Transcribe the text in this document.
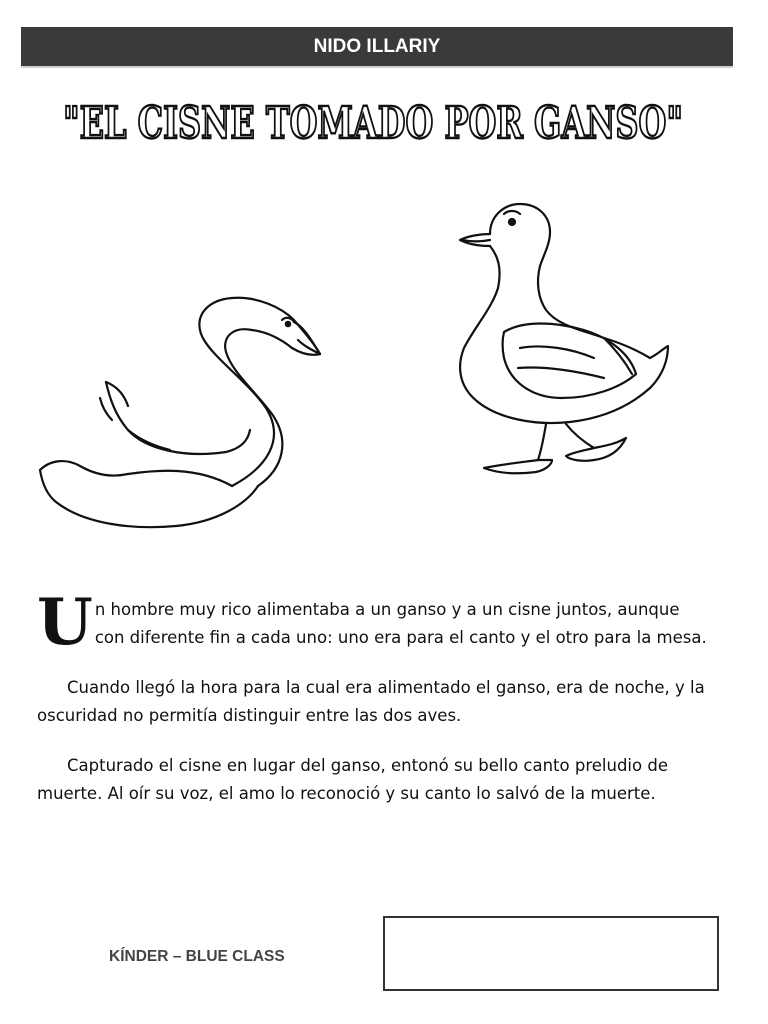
NIDO ILLARIY
"EL CISNE TOMADO POR GANSO"

Un hombre muy rico alimentaba a un ganso y a un cisne juntos, aunque con diferente fin a cada uno: uno era para el canto y el otro para la mesa.

Cuando llegó la hora para la cual era alimentado el ganso, era de noche, y la oscuridad no permitía distinguir entre las dos aves.

Capturado el cisne en lugar del ganso, entonó su bello canto preludio de muerte. Al oír su voz, el amo lo reconoció y su canto lo salvó de la muerte.

KÍNDER – BLUE CLASS
